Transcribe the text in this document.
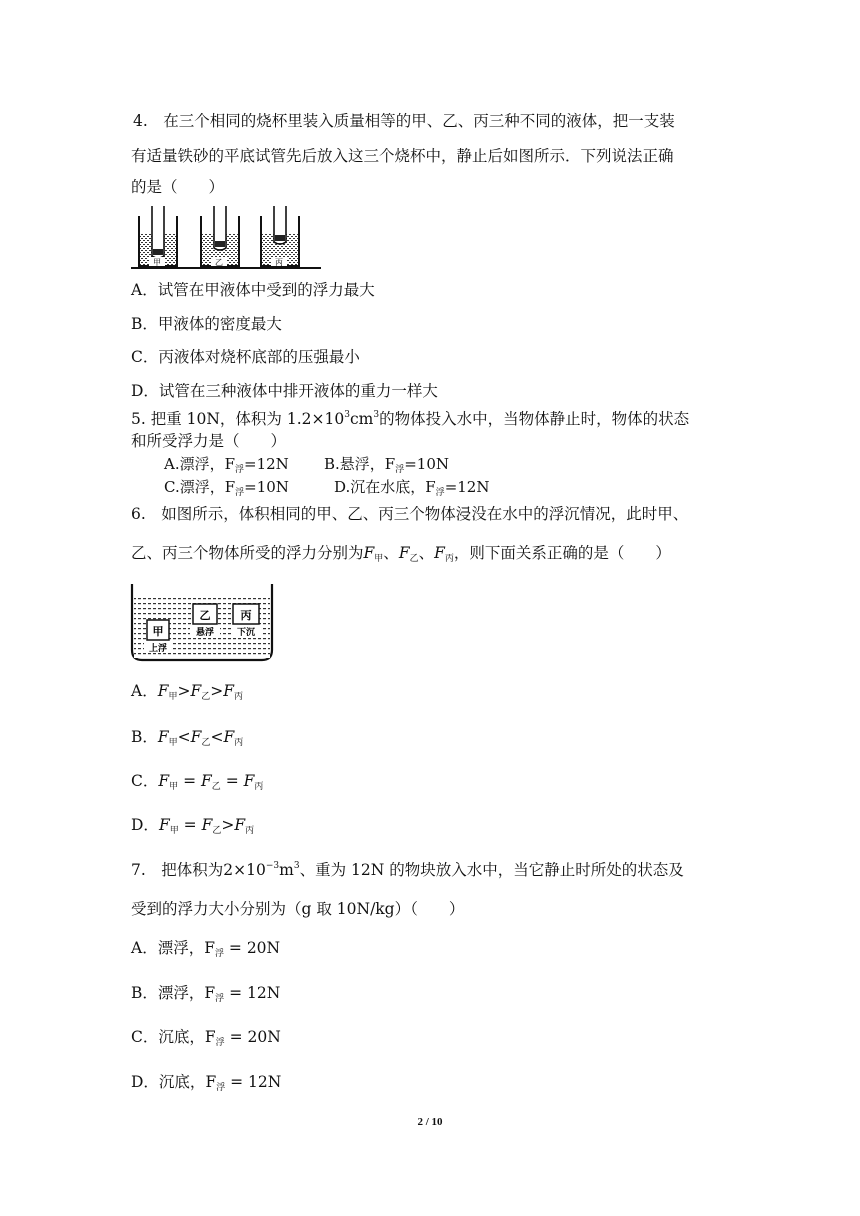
4.　在三个相同的烧杯里装入质量相等的甲、乙、丙三种不同的液体，把一支装
有适量铁砂的平底试管先后放入这三个烧杯中，静止后如图所示．下列说法正确
的是（　　）
甲	乙	丙
A．试管在甲液体中受到的浮力最大
B．甲液体的密度最大
C．丙液体对烧杯底部的压强最小
D．试管在三种液体中排开液体的重力一样大
5. 把重 10N，体积为 $1.2\times 10^3cm^3$的物体投入水中，当物体静止时，物体的状态
和所受浮力是（　　）
A.漂浮，$F_浮=12N$ B.悬浮，$F_浮=10N$
C.漂浮，$F_浮=10N$	D.沉在水底，$F_浮=12N$
6.　如图所示，体积相同的甲、乙、丙三个物体浸没在水中的浮沉情况，此时甲、
乙、丙三个物体所受的浮力分别为$F_甲$、$F_乙$、$F_丙$，则下面关系正确的是（　　）
甲
乙	丙
上浮
悬浮	下沉
A．$F_甲>F_乙>F_丙$
B．$F_甲<F_乙<F_丙$
C．$F_甲 = F_乙 = F_丙$
D．$F_甲 = F_乙>F_丙$
7.　把体积为$2\times 10^{-3}m^3$、重为 12N 的物块放入水中，当它静止时所处的状态及
受到的浮力大小分别为（g 取 10N/kg）（　　）
A．漂浮，$F_浮 = 20N$
B．漂浮，$F_浮 = 12N$
C．沉底，$F_浮 = 20N$
D．沉底，$F_浮 = 12N$
2 / 10
